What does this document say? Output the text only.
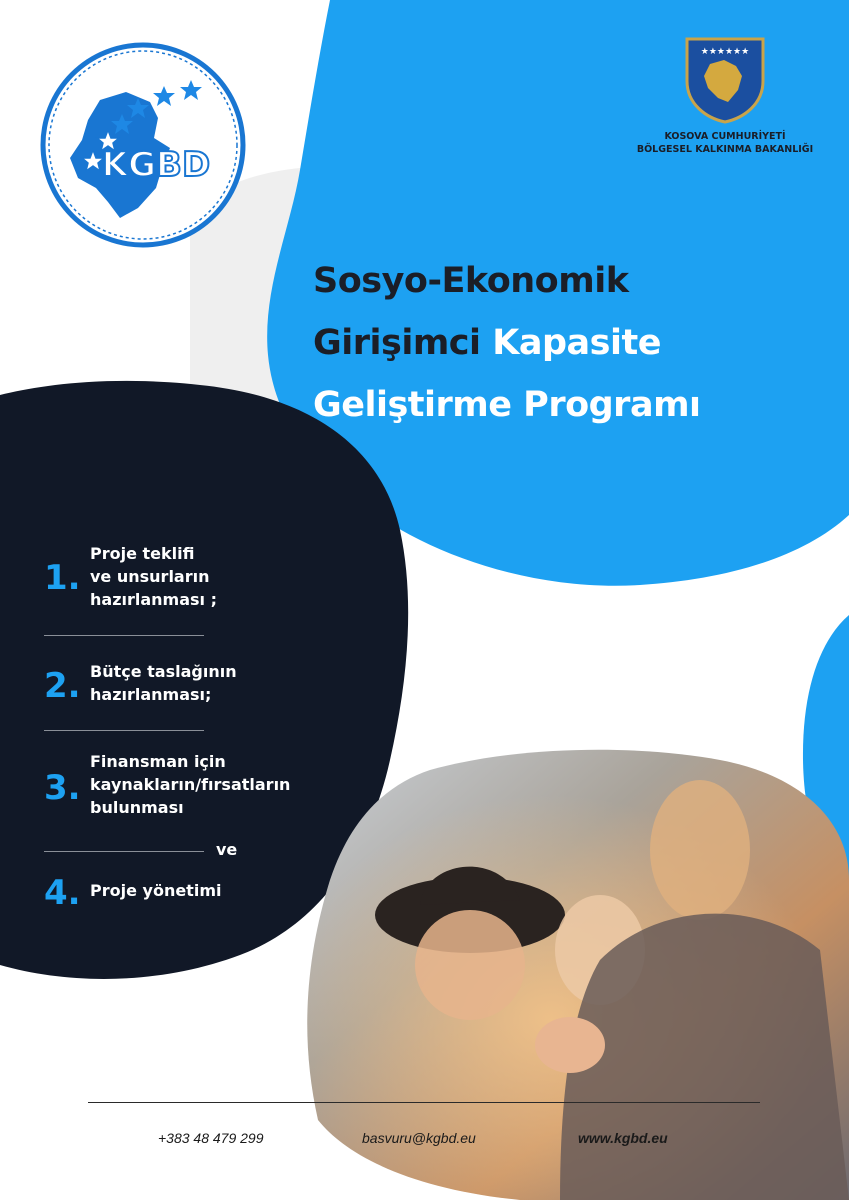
KGBD
★★★★★★
KOSOVA CUMHURİYETİ
BÖLGESEL KALKINMA BAKANLIĞI
Sosyo-Ekonomik
Girişimci Kapasite
Geliştirme Programı
1.
Proje teklifi
ve unsurların
hazırlanması ;
2. Bütçe taslağının
hazırlanması;
3.
Finansman için
kaynakların/fırsatların
bulunması
ve
4. Proje yönetimi
+383 48 479 299	basvuru@kgbd.eu	www.kgbd.eu
